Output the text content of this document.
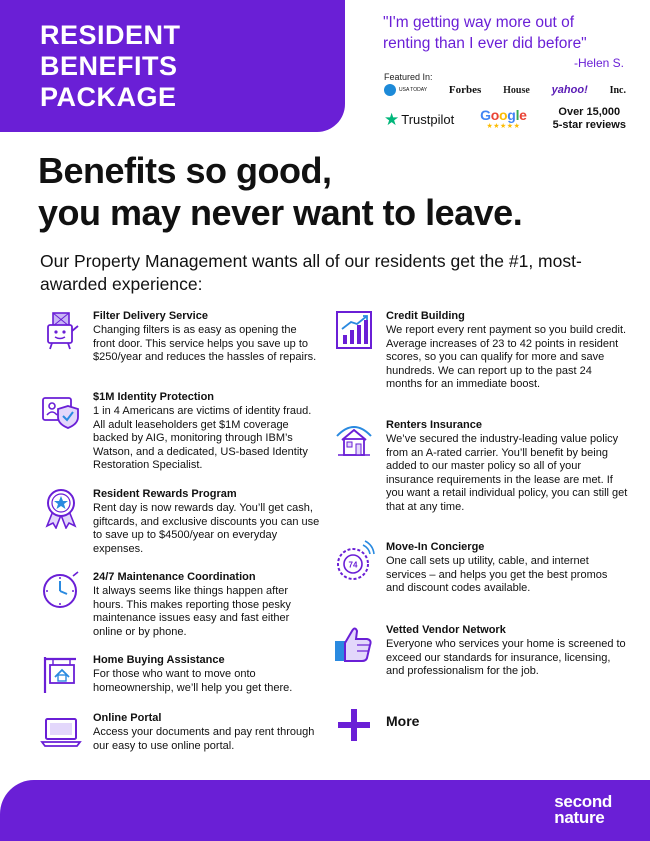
RESIDENT
BENEFITS
PACKAGE
"I'm getting way more out of renting than I ever did before"
-Helen S.
Featured In:
USA TODAY Forbes House yahoo! Inc.
★ Trustpilot Google
★★★★★
Over 15,000
5-star reviews
Benefits so good,
you may never want to leave.
Our Property Management wants all of our residents get the #1, most-awarded experience:
Filter Delivery Service

Changing filters is as easy as opening the front door. This service helps you save up to $250/year and reduces the hassles of repairs.

$1M Identity Protection

1 in 4 Americans are victims of identity fraud. All adult leaseholders get $1M coverage backed by AIG, monitoring through IBM’s Watson, and a dedicated, US-based Identity Restoration Specialist.

Resident Rewards Program

Rent day is now rewards day. You’ll get cash, giftcards, and exclusive discounts you can use to save up to $4500/year on everyday expenses.

24/7 Maintenance Coordination

It always seems like things happen after hours. This makes reporting those pesky maintenance issues easy and fast either online or by phone.

Home Buying Assistance

For those who want to move onto homeownership, we’ll help you get there.

Online Portal

Access your documents and pay rent through our easy to use online portal.

Credit Building

We report every rent payment so you build credit. Average increases of 23 to 42 points in resident scores, so you can qualify for more and save hundreds. We can report up to the past 24 months for an immediate boost.

Renters Insurance

We’ve secured the industry-leading value policy from an A-rated carrier. You’ll benefit by being added to our master policy so all of your insurance requirements in the lease are met. If you want a retail individual policy, you can still get that at any time.

74
Move-In Concierge

One call sets up utility, cable, and internet services – and helps you get the best promos and discount codes available.

Vetted Vendor Network

Everyone who services your home is screened to exceed our standards for insurance, licensing, and professionalism for the job.

More
second
nature
